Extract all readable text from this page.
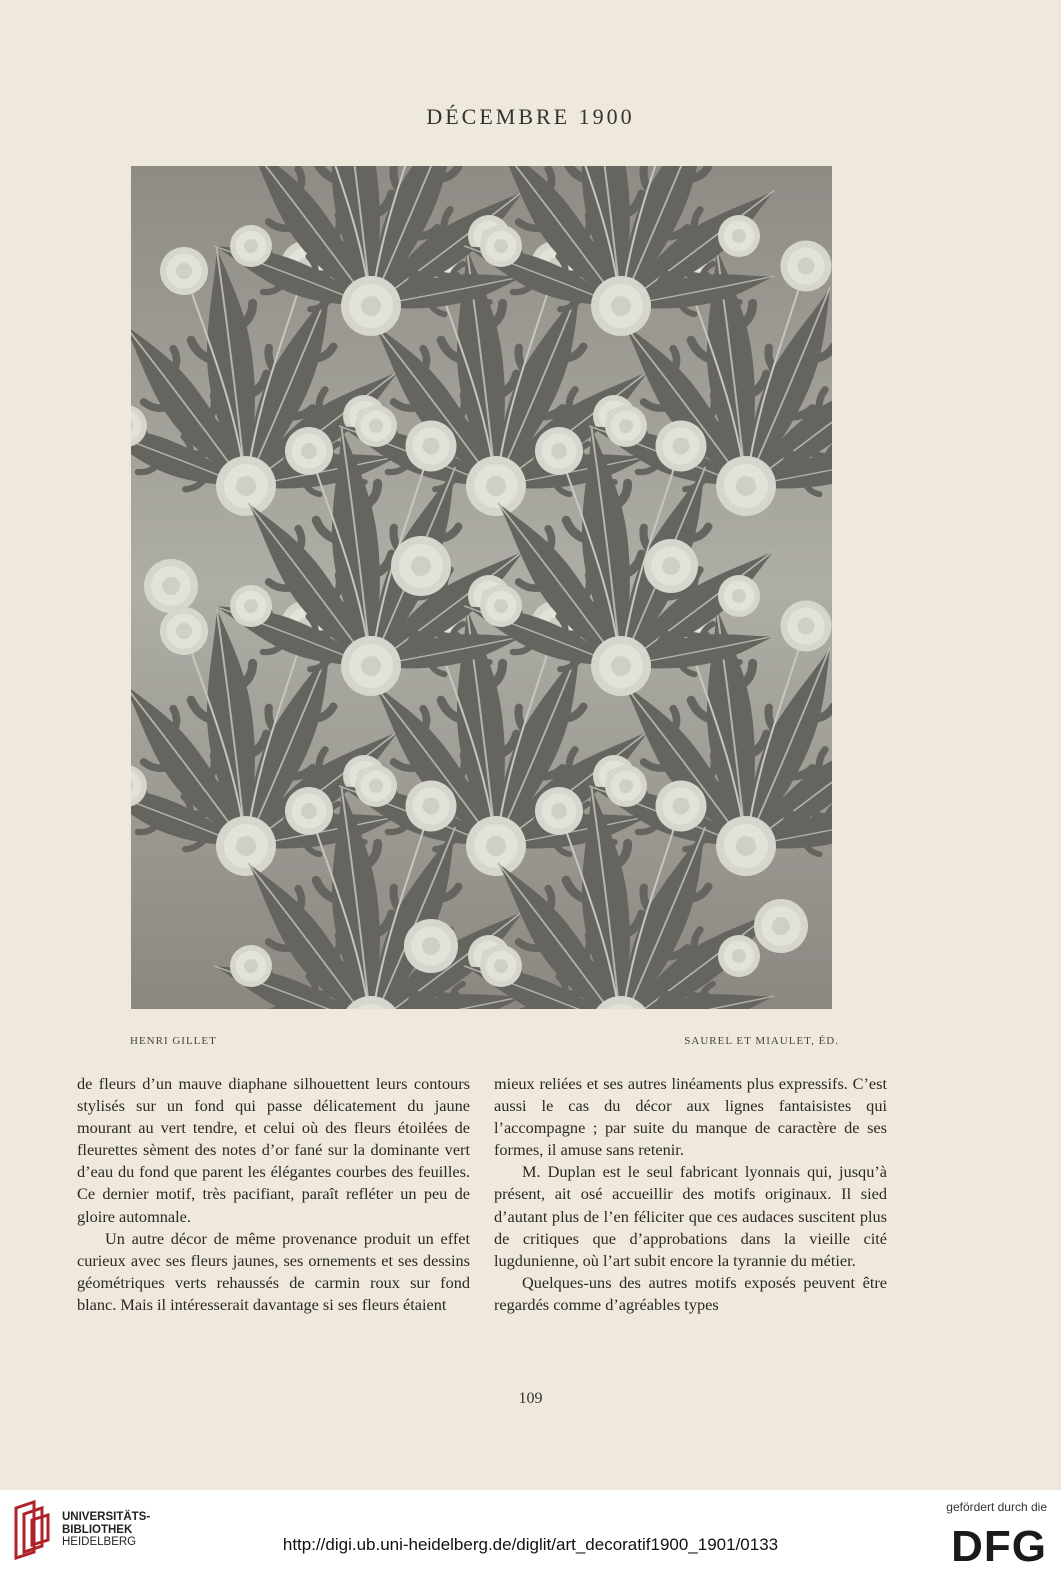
DÉCEMBRE 1900
HENRI GILLET	SAUREL ET MIAULET, ÉD.

de fleurs d’un mauve diaphane silhouettent leurs contours stylisés sur un fond qui passe délicatement du jaune mourant au vert tendre, et celui où des fleurs étoilées de fleurettes sèment des notes d’or fané sur la dominante vert d’eau du fond que parent les élégantes courbes des feuilles. Ce dernier motif, très pacifiant, paraît refléter un peu de gloire automnale.

Un autre décor de même provenance produit un effet curieux avec ses fleurs jaunes, ses ornements et ses dessins géométriques verts rehaussés de carmin roux sur fond blanc. Mais il intéresserait davantage si ses fleurs étaient

mieux reliées et ses autres linéaments plus expressifs. C’est aussi le cas du décor aux lignes fantaisistes qui l’accompagne ; par suite du manque de caractère de ses formes, il amuse sans retenir.

M. Duplan est le seul fabricant lyonnais qui, jusqu’à présent, ait osé accueillir des motifs originaux. Il sied d’autant plus de l’en féliciter que ces audaces suscitent plus de critiques que d’approbations dans la vieille cité lugdunienne, où l’art subit encore la tyrannie du métier.

Quelques-uns des autres motifs exposés peuvent être regardés comme d’agréables types

109
UNIVERSITÄTS-
BIBLIOTHEK
HEIDELBERG	http://digi.ub.uni-heidelberg.de/diglit/art_decoratif1900_1901/0133
gefördert durch die
DFG
